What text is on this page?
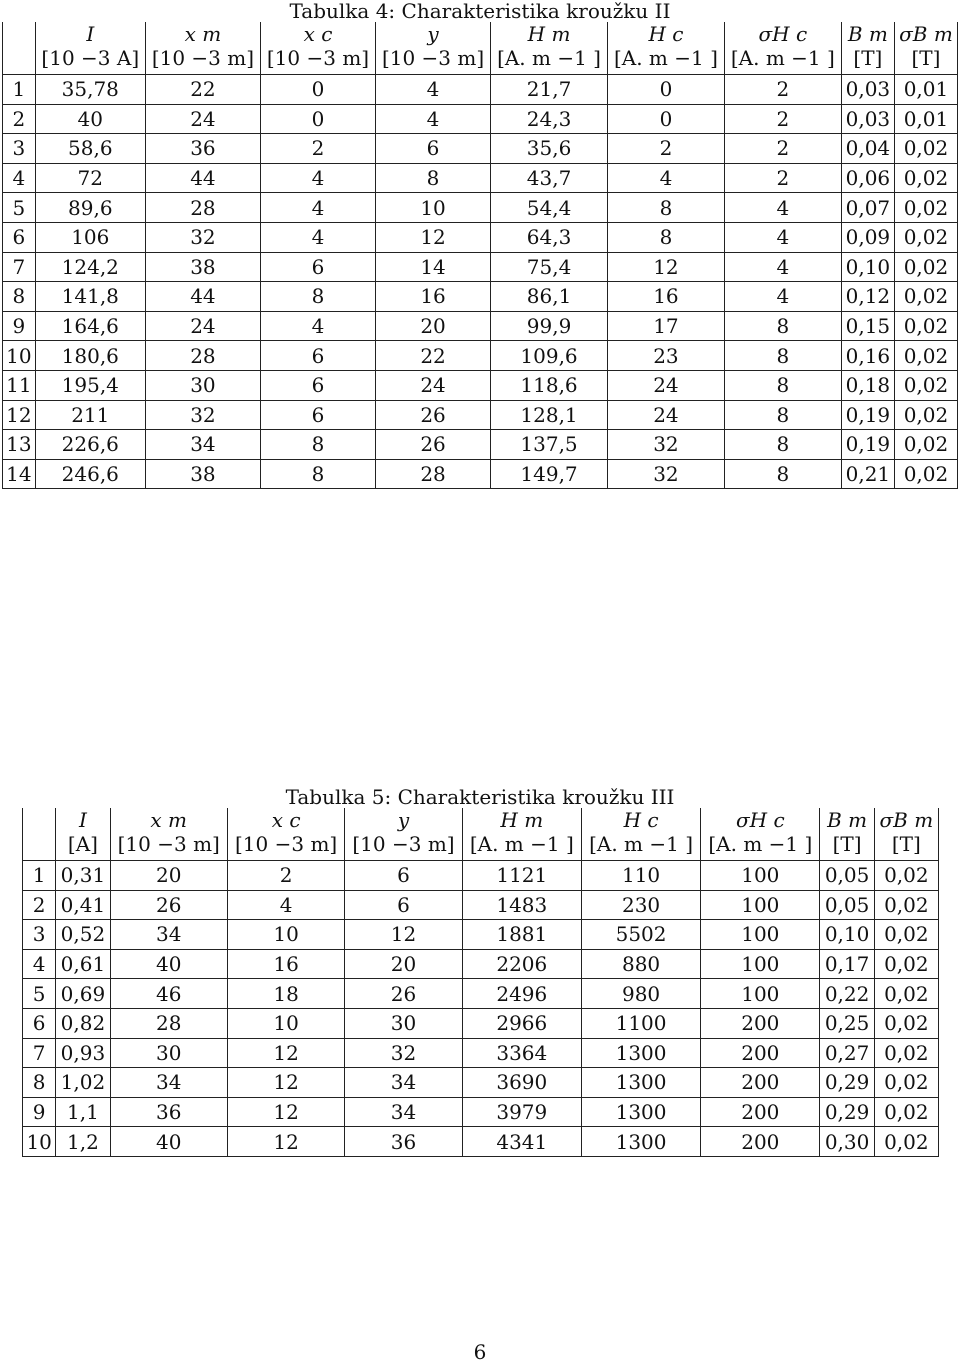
Tabulka 4: Charakteristika kroužku II
	I	x m	x c	y	H m	H c	σH c	B m	σB m
	[10 −3 A]	[10 −3 m]	[10 −3 m]	[10 −3 m]	[A. m −1 ]	[A. m −1 ]	[A. m −1 ]	[T]	[T]
1	35,78	22	0	4	21,7	0	2	0,03	0,01
2	40	24	0	4	24,3	0	2	0,03	0,01
3	58,6	36	2	6	35,6	2	2	0,04	0,02
4	72	44	4	8	43,7	4	2	0,06	0,02
5	89,6	28	4	10	54,4	8	4	0,07	0,02
6	106	32	4	12	64,3	8	4	0,09	0,02
7	124,2	38	6	14	75,4	12	4	0,10	0,02
8	141,8	44	8	16	86,1	16	4	0,12	0,02
9	164,6	24	4	20	99,9	17	8	0,15	0,02
10	180,6	28	6	22	109,6	23	8	0,16	0,02
11	195,4	30	6	24	118,6	24	8	0,18	0,02
12	211	32	6	26	128,1	24	8	0,19	0,02
13	226,6	34	8	26	137,5	32	8	0,19	0,02
14	246,6	38	8	28	149,7	32	8	0,21	0,02
Tabulka 5: Charakteristika kroužku III
	I	x m	x c	y	H m	H c	σH c	B m	σB m
	[A]	[10 −3 m]	[10 −3 m]	[10 −3 m]	[A. m −1 ]	[A. m −1 ]	[A. m −1 ]	[T]	[T]
1	0,31	20	2	6	1121	110	100	0,05	0,02
2	0,41	26	4	6	1483	230	100	0,05	0,02
3	0,52	34	10	12	1881	5502	100	0,10	0,02
4	0,61	40	16	20	2206	880	100	0,17	0,02
5	0,69	46	18	26	2496	980	100	0,22	0,02
6	0,82	28	10	30	2966	1100	200	0,25	0,02
7	0,93	30	12	32	3364	1300	200	0,27	0,02
8	1,02	34	12	34	3690	1300	200	0,29	0,02
9	1,1	36	12	34	3979	1300	200	0,29	0,02
10	1,2	40	12	36	4341	1300	200	0,30	0,02
6
